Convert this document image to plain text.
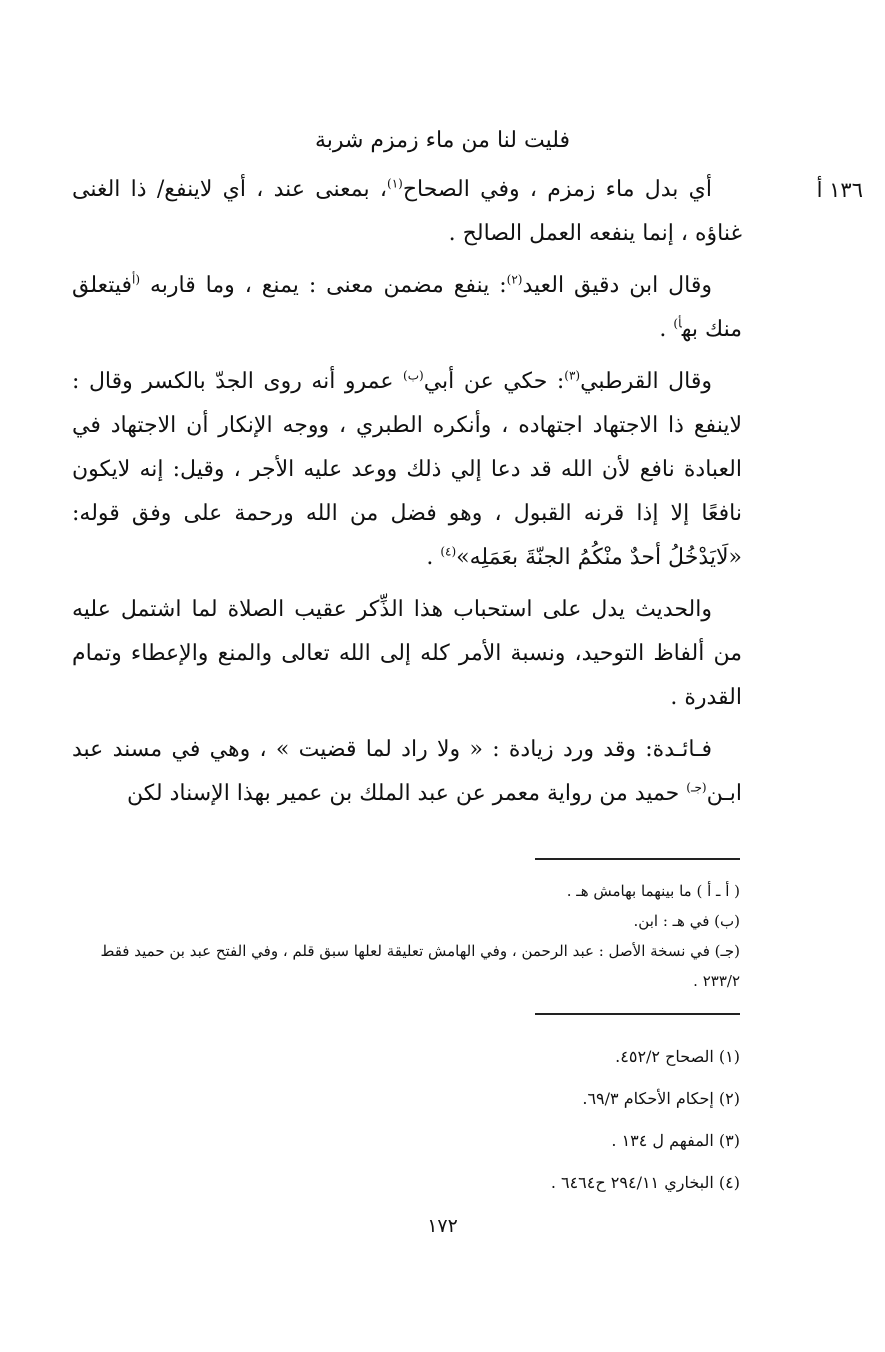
فليت لنا من ماء زمزم شربة
١٣٦ أ

أي بدل ماء زمزم ، وفي الصحاح$^{(١)}$، بمعنى عند ، أي لاينفع/ ذا الغنى غناؤه ، إنما ينفعه العمل الصالح .

وقال ابن دقيق العيد$^{(٢)}$: ينفع مضمن معنى : يمنع ، وما قاربه $^{(أ}$فيتعلق منك به$^{أ)}$ .

وقال القرطبي$^{(٣)}$: حكي عن أبي$^{(ب)}$ عمرو أنه روى الجدّ بالكسر وقال : لاينفع ذا الاجتهاد اجتهاده ، وأنكره الطبري ، ووجه الإنكار أن الاجتهاد في العبادة نافع لأن الله قد دعا إلي ذلك ووعد عليه الأجر ، وقيل: إنه لايكون نافعًا إلا إذا قرنه القبول ، وهو فضل من الله ورحمة على وفق قوله: «لَايَدْخُلُ أحدٌ منْكُمُ الجنّةَ بعَمَلِه»$^{(٤)}$ .

والحديث يدل على استحباب هذا الذِّكر عقيب الصلاة لما اشتمل عليه من ألفاظ التوحيد، ونسبة الأمر كله إلى الله تعالى والمنع والإعطاء وتمام القدرة .

فـائـدة: وقد ورد زيادة : « ولا راد لما قضيت » ، وهي في مسند عبد ابـن$^{(جـ)}$ حميد من رواية معمر عن عبد الملك بن عمير بهذا الإسناد لكن

( أ ـ أ ) ما بينهما بهامش هـ .

(ب) في هـ : ابن.

(جـ) في نسخة الأصل : عبد الرحمن ، وفي الهامش تعليقة لعلها سبق قلم ، وفي الفتح عبد بن حميد فقط ٢٣٣/٢ .

(١) الصحاح ٤٥٢/٢.

(٢) إحكام الأحكام ٦٩/٣.

(٣) المفهم ل ١٣٤ .

(٤) البخاري ٢٩٤/١١ ح٦٤٦٤ .

١٧٢
